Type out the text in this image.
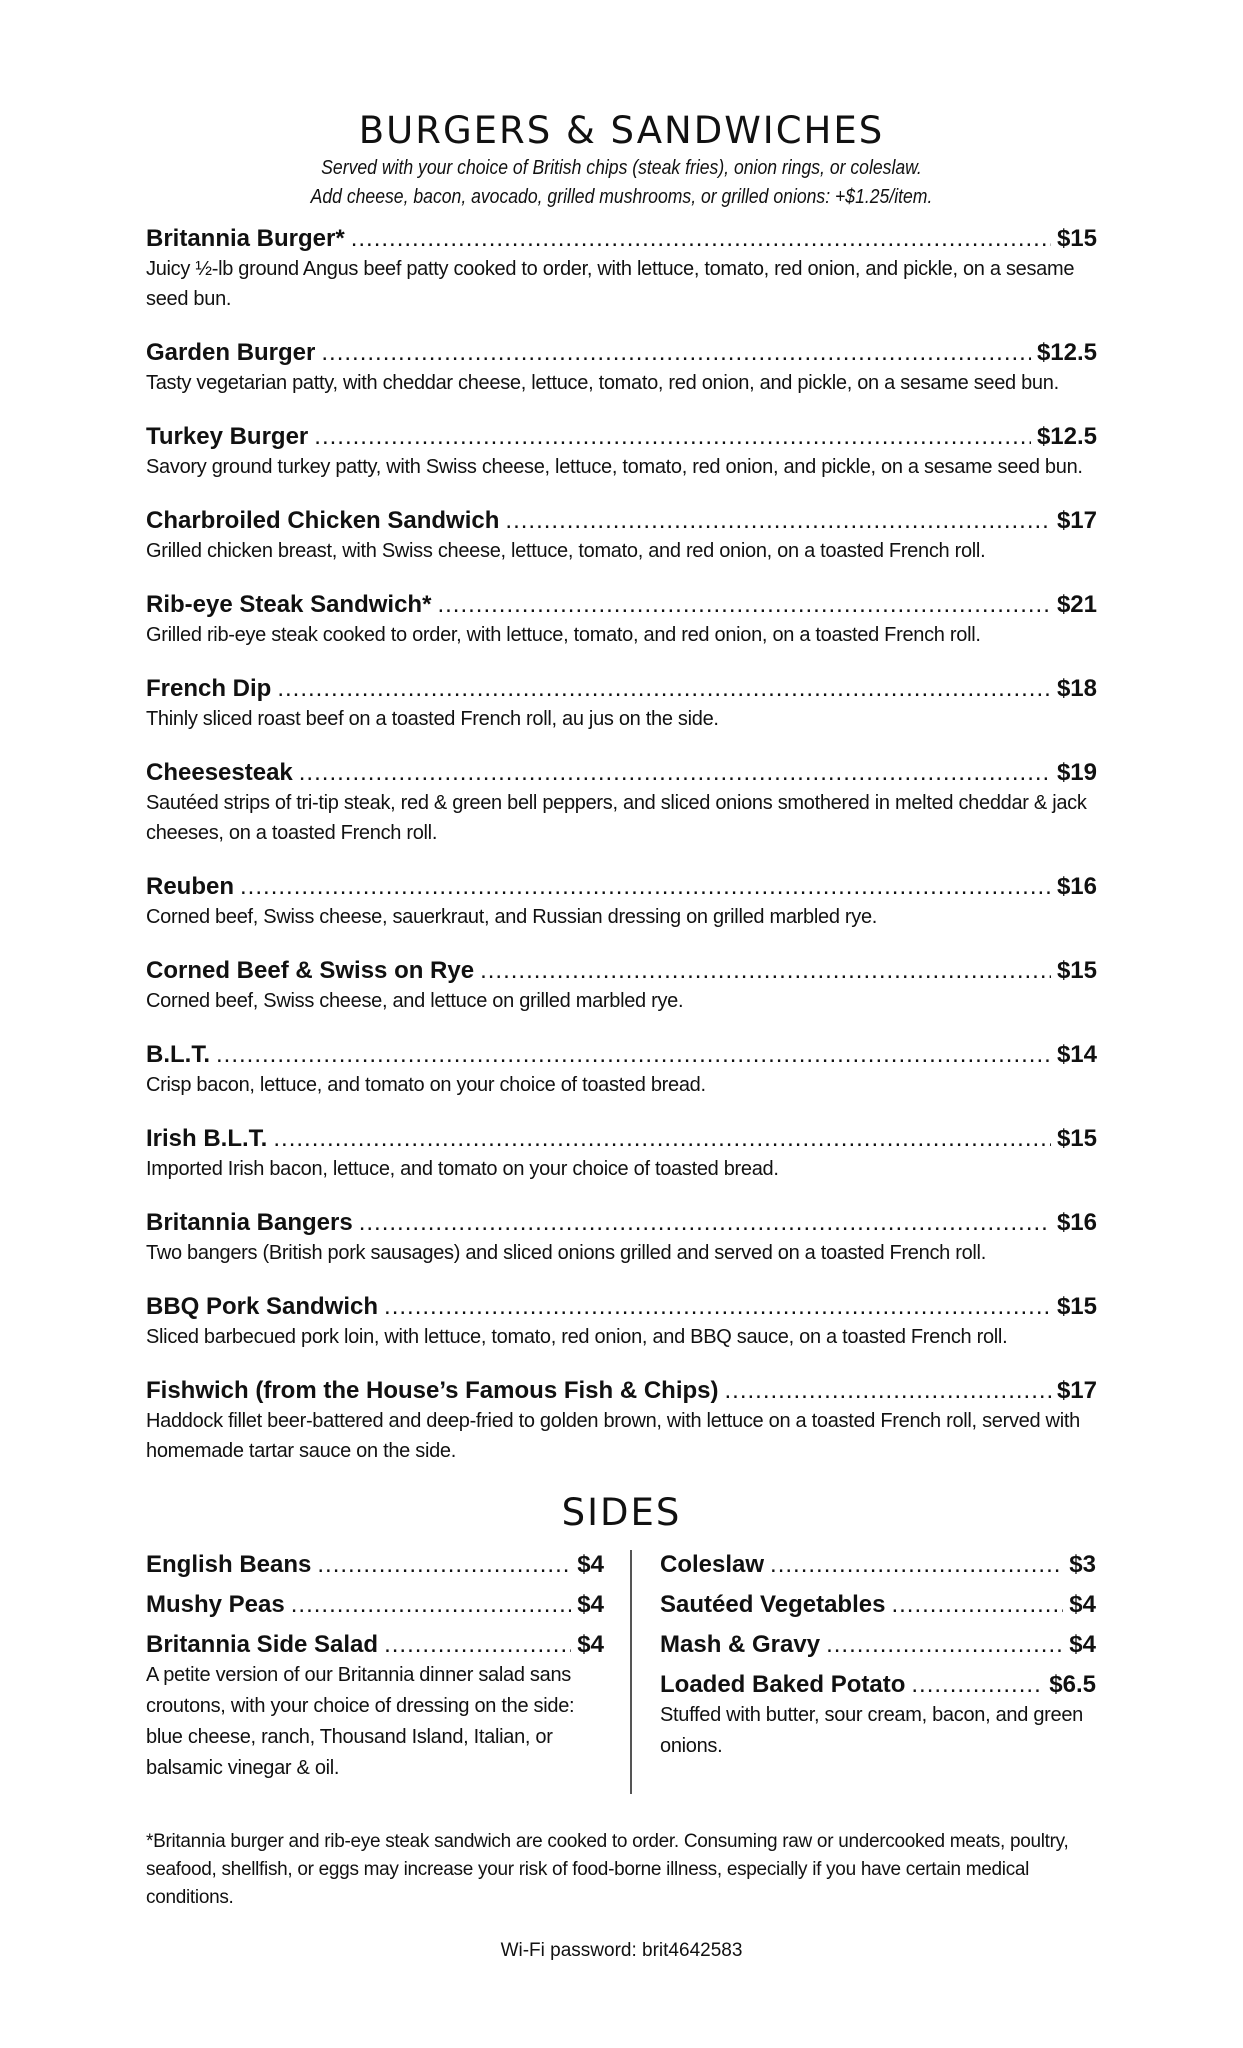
BURGERS & SANDWICHES

Served with your choice of British chips (steak fries), onion rings, or coleslaw.

Add cheese, bacon, avocado, grilled mushrooms, or grilled onions: +$1.25/item.

Britannia Burger* .....	$15

Juicy ½-lb ground Angus beef patty cooked to order, with lettuce, tomato, red onion, and pickle, on a sesame seed bun.

Garden Burger .....	$12.5

Tasty vegetarian patty, with cheddar cheese, lettuce, tomato, red onion, and pickle, on a sesame seed bun.

Turkey Burger .....	$12.5

Savory ground turkey patty, with Swiss cheese, lettuce, tomato, red onion, and pickle, on a sesame seed bun.

Charbroiled Chicken Sandwich .....	$17

Grilled chicken breast, with Swiss cheese, lettuce, tomato, and red onion, on a toasted French roll.

Rib-eye Steak Sandwich* .....	$21

Grilled rib-eye steak cooked to order, with lettuce, tomato, and red onion, on a toasted French roll.

French Dip .....	$18

Thinly sliced roast beef on a toasted French roll, au jus on the side.

Cheesesteak .....	$19

Sautéed strips of tri-tip steak, red & green bell peppers, and sliced onions smothered in melted cheddar & jack cheeses, on a toasted French roll.

Reuben .....	$16

Corned beef, Swiss cheese, sauerkraut, and Russian dressing on grilled marbled rye.

Corned Beef & Swiss on Rye .....	$15

Corned beef, Swiss cheese, and lettuce on grilled marbled rye.

B.L.T. .....	$14

Crisp bacon, lettuce, and tomato on your choice of toasted bread.

Irish B.L.T. .....	$15

Imported Irish bacon, lettuce, and tomato on your choice of toasted bread.

Britannia Bangers .....	$16

Two bangers (British pork sausages) and sliced onions grilled and served on a toasted French roll.

BBQ Pork Sandwich .....	$15

Sliced barbecued pork loin, with lettuce, tomato, red onion, and BBQ sauce, on a toasted French roll.

Fishwich (from the House’s Famous Fish & Chips) .....	$17

Haddock fillet beer-battered and deep-fried to golden brown, with lettuce on a toasted French roll, served with homemade tartar sauce on the side.

SIDES
English Beans .....	$4
Mushy Peas .....	$4
Britannia Side Salad .....	$4

A petite version of our Britannia dinner salad sans croutons, with your choice of dressing on the side: blue cheese, ranch, Thousand Island, Italian, or balsamic vinegar & oil.

Coleslaw .....	$3
Sautéed Vegetables .....	$4
Mash & Gravy .....	$4
Loaded Baked Potato .....	$6.5

Stuffed with butter, sour cream, bacon, and green onions.

*Britannia burger and rib-eye steak sandwich are cooked to order. Consuming raw or undercooked meats, poultry, seafood, shellfish, or eggs may increase your risk of food-borne illness, especially if you have certain medical conditions.

Wi-Fi password: brit4642583
